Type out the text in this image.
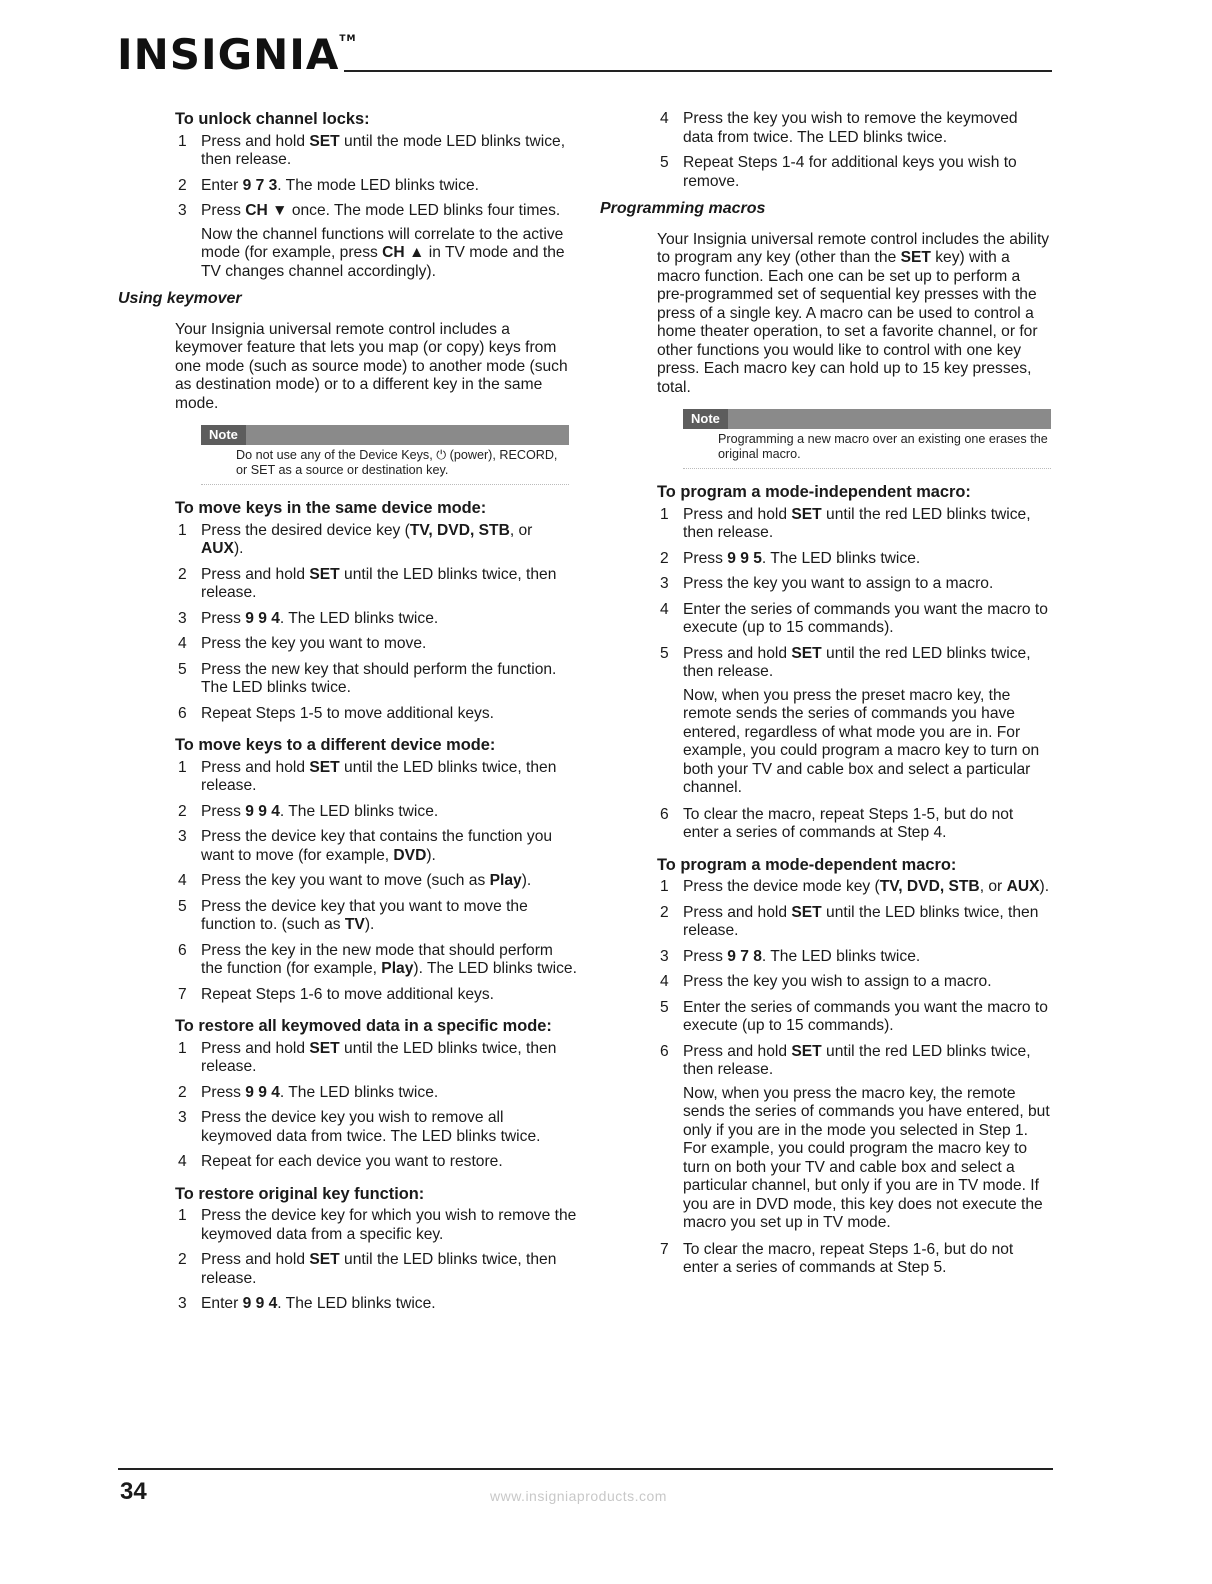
INSIGNIA™
To unlock channel locks:
1 Press and hold SET until the mode LED blinks twice, then release.
2 Enter 9 7 3. The mode LED blinks twice.
3 Press CH ▼ once. The mode LED blinks four times.
Now the channel functions will correlate to the active mode (for example, press CH ▲ in TV mode and the TV changes channel accordingly).
Using keymover
Your Insignia universal remote control includes a keymover feature that lets you map (or copy) keys from one mode (such as source mode) to another mode (such as destination mode) or to a different key in the same mode.
Note
Do not use any of the Device Keys, ⏻ (power), RECORD, or SET as a source or destination key.
To move keys in the same device mode:
1 Press the desired device key (TV, DVD, STB, or AUX).
2 Press and hold SET until the LED blinks twice, then release.
3 Press 9 9 4. The LED blinks twice.
4 Press the key you want to move.
5 Press the new key that should perform the function. The LED blinks twice.
6 Repeat Steps 1-5 to move additional keys.
To move keys to a different device mode:
1 Press and hold SET until the LED blinks twice, then release.
2 Press 9 9 4. The LED blinks twice.
3 Press the device key that contains the function you want to move (for example, DVD).
4 Press the key you want to move (such as Play).
5 Press the device key that you want to move the function to. (such as TV).
6 Press the key in the new mode that should perform the function (for example, Play). The LED blinks twice.
7 Repeat Steps 1-6 to move additional keys.
To restore all keymoved data in a specific mode:
1 Press and hold SET until the LED blinks twice, then release.
2 Press 9 9 4. The LED blinks twice.
3 Press the device key you wish to remove all keymoved data from twice. The LED blinks twice.
4 Repeat for each device you want to restore.
To restore original key function:
1 Press the device key for which you wish to remove the keymoved data from a specific key.
2 Press and hold SET until the LED blinks twice, then release.
3 Enter 9 9 4. The LED blinks twice.
4 Press the key you wish to remove the keymoved data from twice. The LED blinks twice.
5 Repeat Steps 1-4 for additional keys you wish to remove.
Programming macros
Your Insignia universal remote control includes the ability to program any key (other than the SET key) with a macro function. Each one can be set up to perform a pre-programmed set of sequential key presses with the press of a single key. A macro can be used to control a home theater operation, to set a favorite channel, or for other functions you would like to control with one key press. Each macro key can hold up to 15 key presses, total.
Note
Programming a new macro over an existing one erases the original macro.
To program a mode-independent macro:
1 Press and hold SET until the red LED blinks twice, then release.
2 Press 9 9 5. The LED blinks twice.
3 Press the key you want to assign to a macro.
4 Enter the series of commands you want the macro to execute (up to 15 commands).
5 Press and hold SET until the red LED blinks twice, then release.
Now, when you press the preset macro key, the remote sends the series of commands you have entered, regardless of what mode you are in. For example, you could program a macro key to turn on both your TV and cable box and select a particular channel.
6 To clear the macro, repeat Steps 1-5, but do not enter a series of commands at Step 4.
To program a mode-dependent macro:
1 Press the device mode key (TV, DVD, STB, or AUX).
2 Press and hold SET until the LED blinks twice, then release.
3 Press 9 7 8. The LED blinks twice.
4 Press the key you wish to assign to a macro.
5 Enter the series of commands you want the macro to execute (up to 15 commands).
6 Press and hold SET until the red LED blinks twice, then release.
Now, when you press the macro key, the remote sends the series of commands you have entered, but only if you are in the mode you selected in Step 1. For example, you could program the macro key to turn on both your TV and cable box and select a particular channel, but only if you are in TV mode. If you are in DVD mode, this key does not execute the macro you set up in TV mode.
7 To clear the macro, repeat Steps 1-6, but do not enter a series of commands at Step 5.
34	www.insigniaproducts.com
